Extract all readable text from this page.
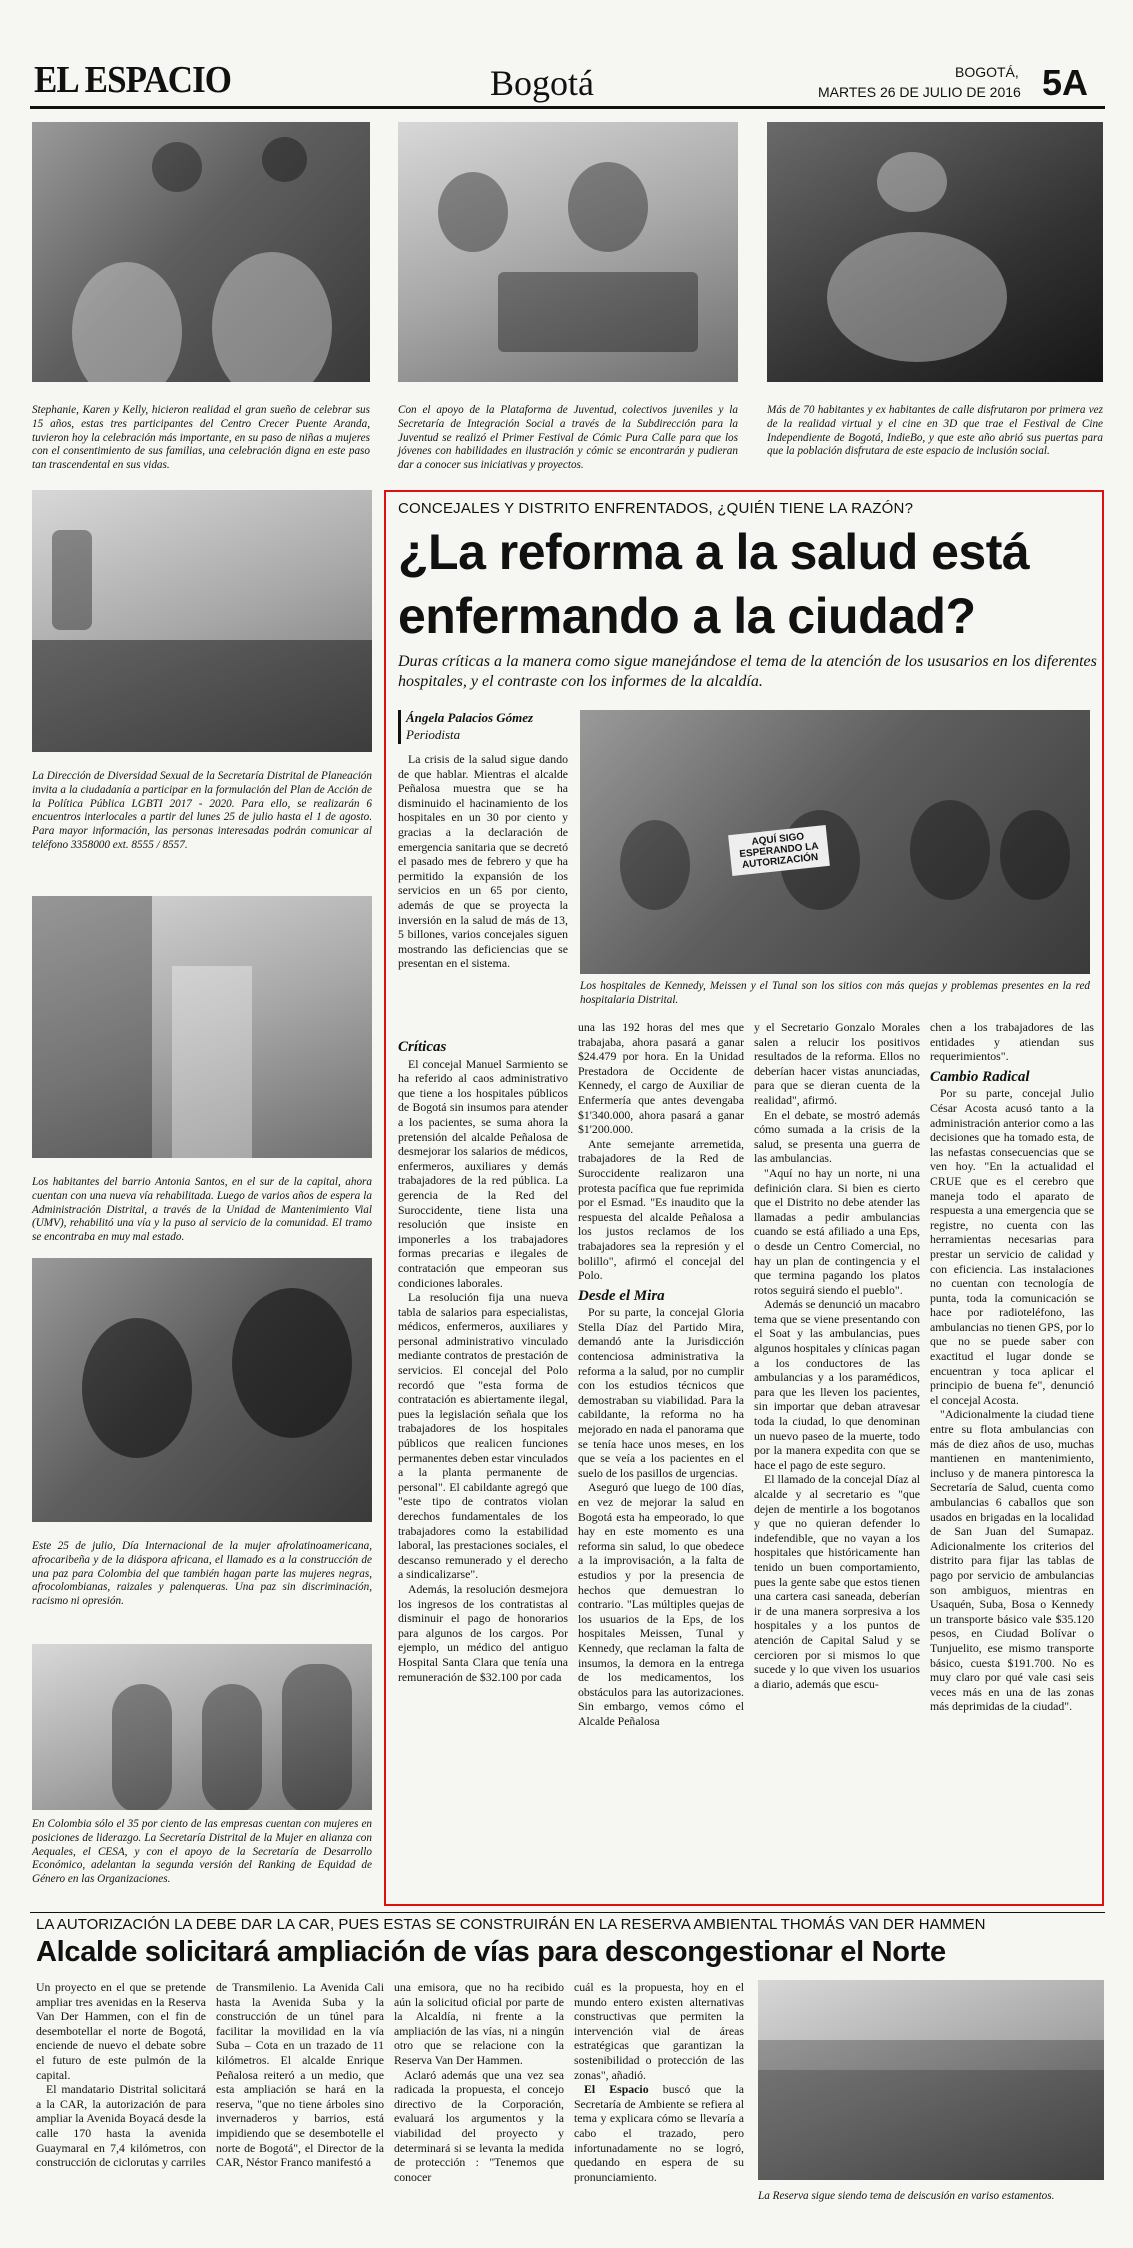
EL ESPACIO	Bogotá	BOGOTÁ,
MARTES 26 DE JULIO DE 2016 5A
Stephanie, Karen y Kelly, hicieron realidad el gran sueño de celebrar sus 15 años, estas tres participantes del Centro Crecer Puente Aranda, tuvieron hoy la celebración más importante, en su paso de niñas a mujeres con el consentimiento de sus familias, una celebración digna en este paso tan trascendental en sus vidas.
Con el apoyo de la Plataforma de Juventud, colectivos juveniles y la Secretaría de Integración Social a través de la Subdirección para la Juventud se realizó el Primer Festival de Cómic Pura Calle para que los jóvenes con habilidades en ilustración y cómic se encontrarán y pudieran dar a conocer sus iniciativas y proyectos.
Más de 70 habitantes y ex habitantes de calle disfrutaron por primera vez de la realidad virtual y el cine en 3D que trae el Festival de Cine Independiente de Bogotá, IndieBo, y que este año abrió sus puertas para que la población disfrutara de este espacio de inclusión social.
La Dirección de Diversidad Sexual de la Secretaría Distrital de Planeación invita a la ciudadanía a participar en la formulación del Plan de Acción de la Política Pública LGBTI 2017 - 2020. Para ello, se realizarán 6 encuentros interlocales a partir del lunes 25 de julio hasta el 1 de agosto. Para mayor información, las personas interesadas podrán comunicar al teléfono 3358000 ext. 8555 / 8557.
Los habitantes del barrio Antonia Santos, en el sur de la capital, ahora cuentan con una nueva vía rehabilitada. Luego de varios años de espera la Administración Distrital, a través de la Unidad de Mantenimiento Vial (UMV), rehabilitó una vía y la puso al servicio de la comunidad. El tramo se encontraba en muy mal estado.
Este 25 de julio, Día Internacional de la mujer afrolatinoamericana, afrocaribeña y de la diáspora africana, el llamado es a la construcción de una paz para Colombia del que también hagan parte las mujeres negras, afrocolombianas, raizales y palenqueras. Una paz sin discriminación, racismo ni opresión.
En Colombia sólo el 35 por ciento de las empresas cuentan con mujeres en posiciones de liderazgo. La Secretaría Distrital de la Mujer en alianza con Aequales, el CESA, y con el apoyo de la Secretaría de Desarrollo Económico, adelantan la segunda versión del Ranking de Equidad de Género en las Organizaciones.
CONCEJALES Y DISTRITO ENFRENTADOS, ¿QUIÉN TIENE LA RAZÓN?
¿La reforma a la salud está enfermando a la ciudad?
Duras críticas a la manera como sigue manejándose el tema de la atención de los ususarios en los diferentes hospitales, y el contraste con los informes de la alcaldía.
Ángela Palacios Gómez
Periodista
AQUÍ SIGO ESPERANDO LA AUTORIZACIÓN
Los hospitales de Kennedy, Meissen y el Tunal son los sitios con más quejas y problemas presentes en la red hospitalaria Distrital.

La crisis de la salud sigue dando de que hablar. Mientras el alcalde Peñalosa muestra que se ha disminuido el hacinamiento de los hospitales en un 30 por ciento y gracias a la declaración de emergencia sanitaria que se decretó el pasado mes de febrero y que ha permitido la expansión de los servicios en un 65 por ciento, además de que se proyecta la inversión en la salud de más de 13, 5 billones, varios concejales siguen mostrando las deficiencias que se presentan en el sistema.

Críticas

El concejal Manuel Sarmiento se ha referido al caos administrativo que tiene a los hospitales públicos de Bogotá sin insumos para atender a los pacientes, se suma ahora la pretensión del alcalde Peñalosa de desmejorar los salarios de médicos, enfermeros, auxiliares y demás trabajadores de la red pública. La gerencia de la Red del Suroccidente, tiene lista una resolución que insiste en imponerles a los trabajadores formas precarias e ilegales de contratación que empeoran sus condiciones laborales.

La resolución fija una nueva tabla de salarios para especialistas, médicos, enfermeros, auxiliares y personal administrativo vinculado mediante contratos de prestación de servicios. El concejal del Polo recordó que "esta forma de contratación es abiertamente ilegal, pues la legislación señala que los trabajadores de los hospitales públicos que realicen funciones permanentes deben estar vinculados a la planta permanente de personal". El cabildante agregó que "este tipo de contratos violan derechos fundamentales de los trabajadores como la estabilidad laboral, las prestaciones sociales, el descanso remunerado y el derecho a sindicalizarse".

Además, la resolución desmejora los ingresos de los contratistas al disminuir el pago de honorarios para algunos de los cargos. Por ejemplo, un médico del antiguo Hospital Santa Clara que tenía una remuneración de $32.100 por cada

una las 192 horas del mes que trabajaba, ahora pasará a ganar $24.479 por hora. En la Unidad Prestadora de Occidente de Kennedy, el cargo de Auxiliar de Enfermería que antes devengaba $1'340.000, ahora pasará a ganar $1'200.000.

Ante semejante arremetida, trabajadores de la Red de Suroccidente realizaron una protesta pacífica que fue reprimida por el Esmad. "Es inaudito que la respuesta del alcalde Peñalosa a los justos reclamos de los trabajadores sea la represión y el bolillo", afirmó el concejal del Polo.

Desde el Mira

Por su parte, la concejal Gloria Stella Díaz del Partido Mira, demandó ante la Jurisdicción contenciosa administrativa la reforma a la salud, por no cumplir con los estudios técnicos que demostraban su viabilidad. Para la cabildante, la reforma no ha mejorado en nada el panorama que se tenía hace unos meses, en los que se veía a los pacientes en el suelo de los pasillos de urgencias.

Aseguró que luego de 100 días, en vez de mejorar la salud en Bogotá esta ha empeorado, lo que hay en este momento es una reforma sin salud, lo que obedece a la improvisación, a la falta de estudios y por la presencia de hechos que demuestran lo contrario. "Las múltiples quejas de los usuarios de la Eps, de los hospitales Meissen, Tunal y Kennedy, que reclaman la falta de insumos, la demora en la entrega de los medicamentos, los obstáculos para las autorizaciones. Sin embargo, vemos cómo el Alcalde Peñalosa

y el Secretario Gonzalo Morales salen a relucir los positivos resultados de la reforma. Ellos no deberían hacer vistas anunciadas, para que se dieran cuenta de la realidad", afirmó.

En el debate, se mostró además cómo sumada a la crisis de la salud, se presenta una guerra de las ambulancias.

"Aquí no hay un norte, ni una definición clara. Si bien es cierto que el Distrito no debe atender las llamadas a pedir ambulancias cuando se está afiliado a una Eps, o desde un Centro Comercial, no hay un plan de contingencia y el que termina pagando los platos rotos seguirá siendo el pueblo".

Además se denunció un macabro tema que se viene presentando con el Soat y las ambulancias, pues algunos hospitales y clínicas pagan a los conductores de las ambulancias y a los paramédicos, para que les lleven los pacientes, sin importar que deban atravesar toda la ciudad, lo que denominan un nuevo paseo de la muerte, todo por la manera expedita con que se hace el pago de este seguro.

El llamado de la concejal Díaz al alcalde y al secretario es "que dejen de mentirle a los bogotanos y que no quieran defender lo indefendible, que no vayan a los hospitales que históricamente han tenido un buen comportamiento, pues la gente sabe que estos tienen una cartera casi saneada, deberían ir de una manera sorpresiva a los hospitales y a los puntos de atención de Capital Salud y se cercioren por si mismos lo que sucede y lo que viven los usuarios a diario, además que escu-

chen a los trabajadores de las entidades y atiendan sus requerimientos".

Cambio Radical

Por su parte, concejal Julio César Acosta acusó tanto a la administración anterior como a las decisiones que ha tomado esta, de las nefastas consecuencias que se ven hoy. "En la actualidad el CRUE que es el cerebro que maneja todo el aparato de respuesta a una emergencia que se registre, no cuenta con las herramientas necesarias para prestar un servicio de calidad y con eficiencia. Las instalaciones no cuentan con tecnología de punta, toda la comunicación se hace por radioteléfono, las ambulancias no tienen GPS, por lo que no se puede saber con exactitud el lugar donde se encuentran y toca aplicar el principio de buena fe", denunció el concejal Acosta.

"Adicionalmente la ciudad tiene entre su flota ambulancias con más de diez años de uso, muchas mantienen en mantenimiento, incluso y de manera pintoresca la Secretaría de Salud, cuenta como ambulancias 6 caballos que son usados en brigadas en la localidad de San Juan del Sumapaz. Adicionalmente los criterios del distrito para fijar las tablas de pago por servicio de ambulancias son ambiguos, mientras en Usaquén, Suba, Bosa o Kennedy un transporte básico vale $35.120 pesos, en Ciudad Bolívar o Tunjuelito, ese mismo transporte básico, cuesta $191.700. No es muy claro por qué vale casi seis veces más en una de las zonas más deprimidas de la ciudad".

LA AUTORIZACIÓN LA DEBE DAR LA CAR, PUES ESTAS SE CONSTRUIRÁN EN LA RESERVA AMBIENTAL THOMÁS VAN DER HAMMEN
Alcalde solicitará ampliación de vías para descongestionar el Norte

Un proyecto en el que se pretende ampliar tres avenidas en la Reserva Van Der Hammen, con el fin de desembotellar el norte de Bogotá, enciende de nuevo el debate sobre el futuro de este pulmón de la capital.

El mandatario Distrital solicitará a la CAR, la autorización de para ampliar la Avenida Boyacá desde la calle 170 hasta la avenida Guaymaral en 7,4 kilómetros, con construcción de ciclorutas y carriles

de Transmilenio. La Avenida Cali hasta la Avenida Suba y la construcción de un túnel para facilitar la movilidad en la vía Suba – Cota en un trazado de 11 kilómetros. El alcalde Enrique Peñalosa reiteró a un medio, que esta ampliación se hará en la reserva, "que no tiene árboles sino invernaderos y barrios, está impidiendo que se desembotelle el norte de Bogotá", el Director de la CAR, Néstor Franco manifestó a

una emisora, que no ha recibido aún la solicitud oficial por parte de la Alcaldía, ni frente a la ampliación de las vías, ni a ningún otro que se relacione con la Reserva Van Der Hammen.

Aclaró además que una vez sea radicada la propuesta, el concejo directivo de la Corporación, evaluará los argumentos y la viabilidad del proyecto y determinará si se levanta la medida de protección : "Tenemos que conocer

cuál es la propuesta, hoy en el mundo entero existen alternativas constructivas que permiten la intervención vial de áreas estratégicas que garantizan la sostenibilidad o protección de las zonas", añadió.

El Espacio buscó que la Secretaría de Ambiente se refiera al tema y explicara cómo se llevaría a cabo el trazado, pero infortunadamente no se logró, quedando en espera de su pronunciamiento.

La Reserva sigue siendo tema de deiscusión en variso estamentos.
